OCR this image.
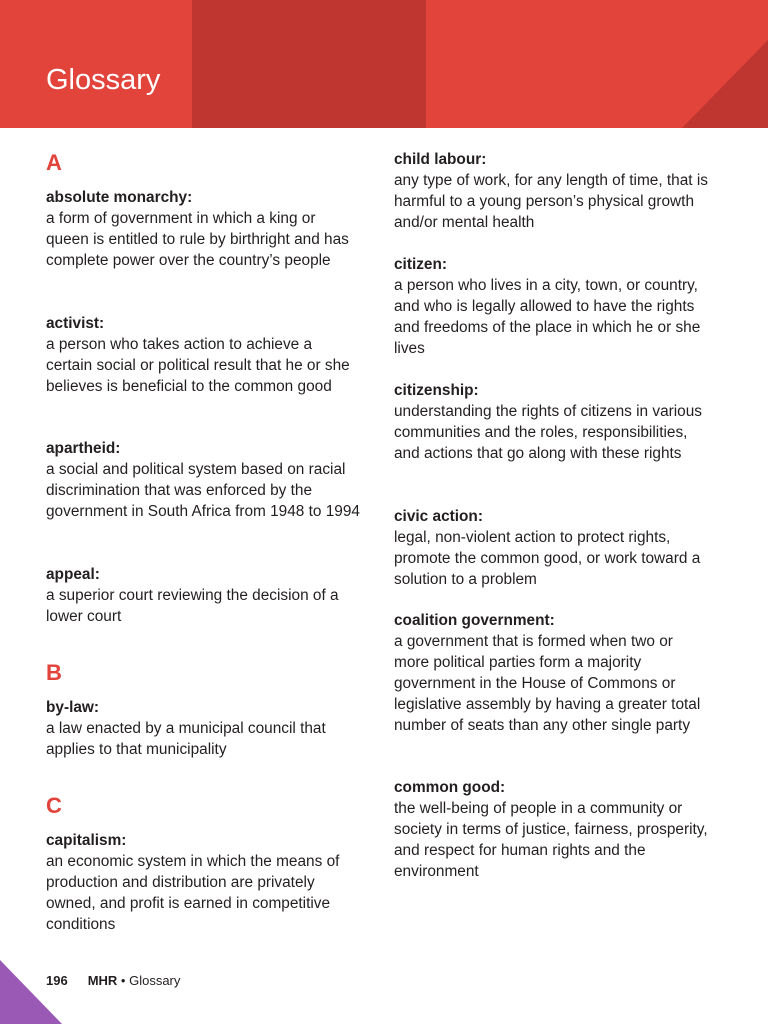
Glossary
A
absolute monarchy:
a form of government in which a king or queen is entitled to rule by birthright and has complete power over the country’s people
activist:
a person who takes action to achieve a certain social or political result that he or she believes is beneficial to the common good
apartheid:
a social and political system based on racial discrimination that was enforced by the government in South Africa from 1948 to 1994
appeal:
a superior court reviewing the decision of a lower court
B
by-law:
a law enacted by a municipal council that applies to that municipality
C
capitalism:
an economic system in which the means of production and distribution are privately owned, and profit is earned in competitive conditions
child labour:
any type of work, for any length of time, that is harmful to a young person’s physical growth and/or mental health
citizen:
a person who lives in a city, town, or country, and who is legally allowed to have the rights and freedoms of the place in which he or she lives
citizenship:
understanding the rights of citizens in various communities and the roles, responsibilities, and actions that go along with these rights
civic action:
legal, non-violent action to protect rights, promote the common good, or work toward a solution to a problem
coalition government:
a government that is formed when two or more political parties form a majority government in the House of Commons or legislative assembly by having a greater total number of seats than any other single party
common good:
the well-being of people in a community or society in terms of justice, fairness, prosperity, and respect for human rights and the environment
196 MHR • Glossary
